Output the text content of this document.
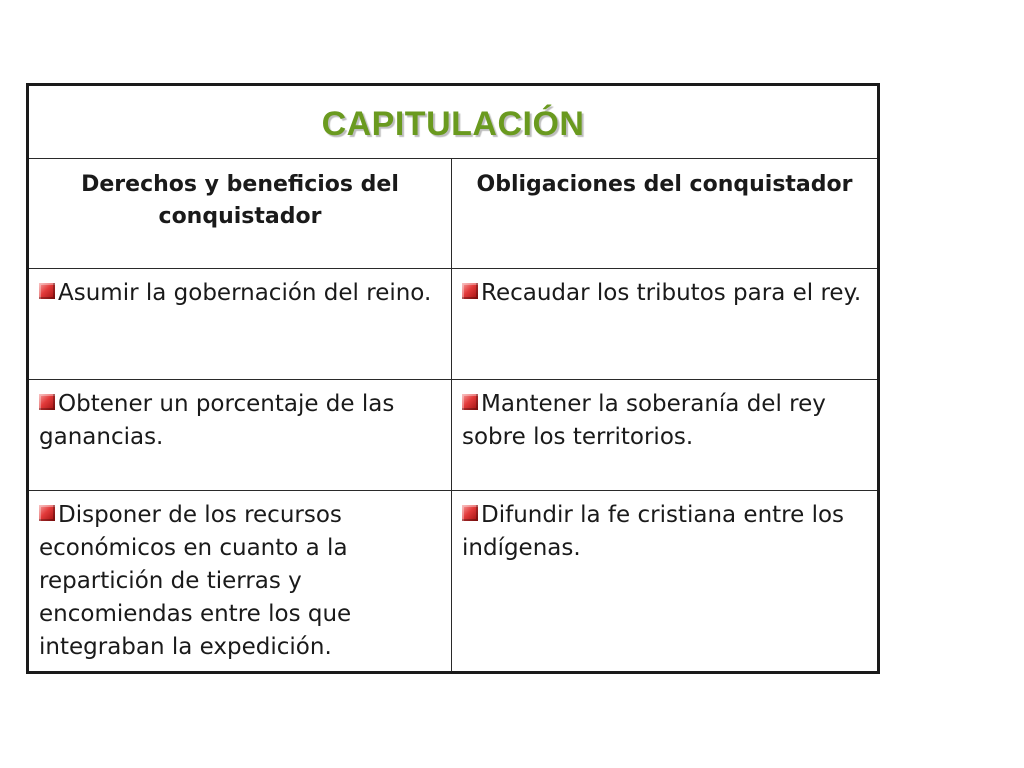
CAPITULACIÓN	

Derechos y beneficios del conquistador	Obligaciones del conquistador

Asumir la gobernación del reino.	Recaudar los tributos para el rey.

Obtener un porcentaje de las ganancias.	Mantener la soberanía del rey sobre los territorios.

Disponer de los recursos económicos en cuanto a la repartición de tierras y encomiendas entre los que integraban la expedición.	Difundir la fe cristiana entre los indígenas.
